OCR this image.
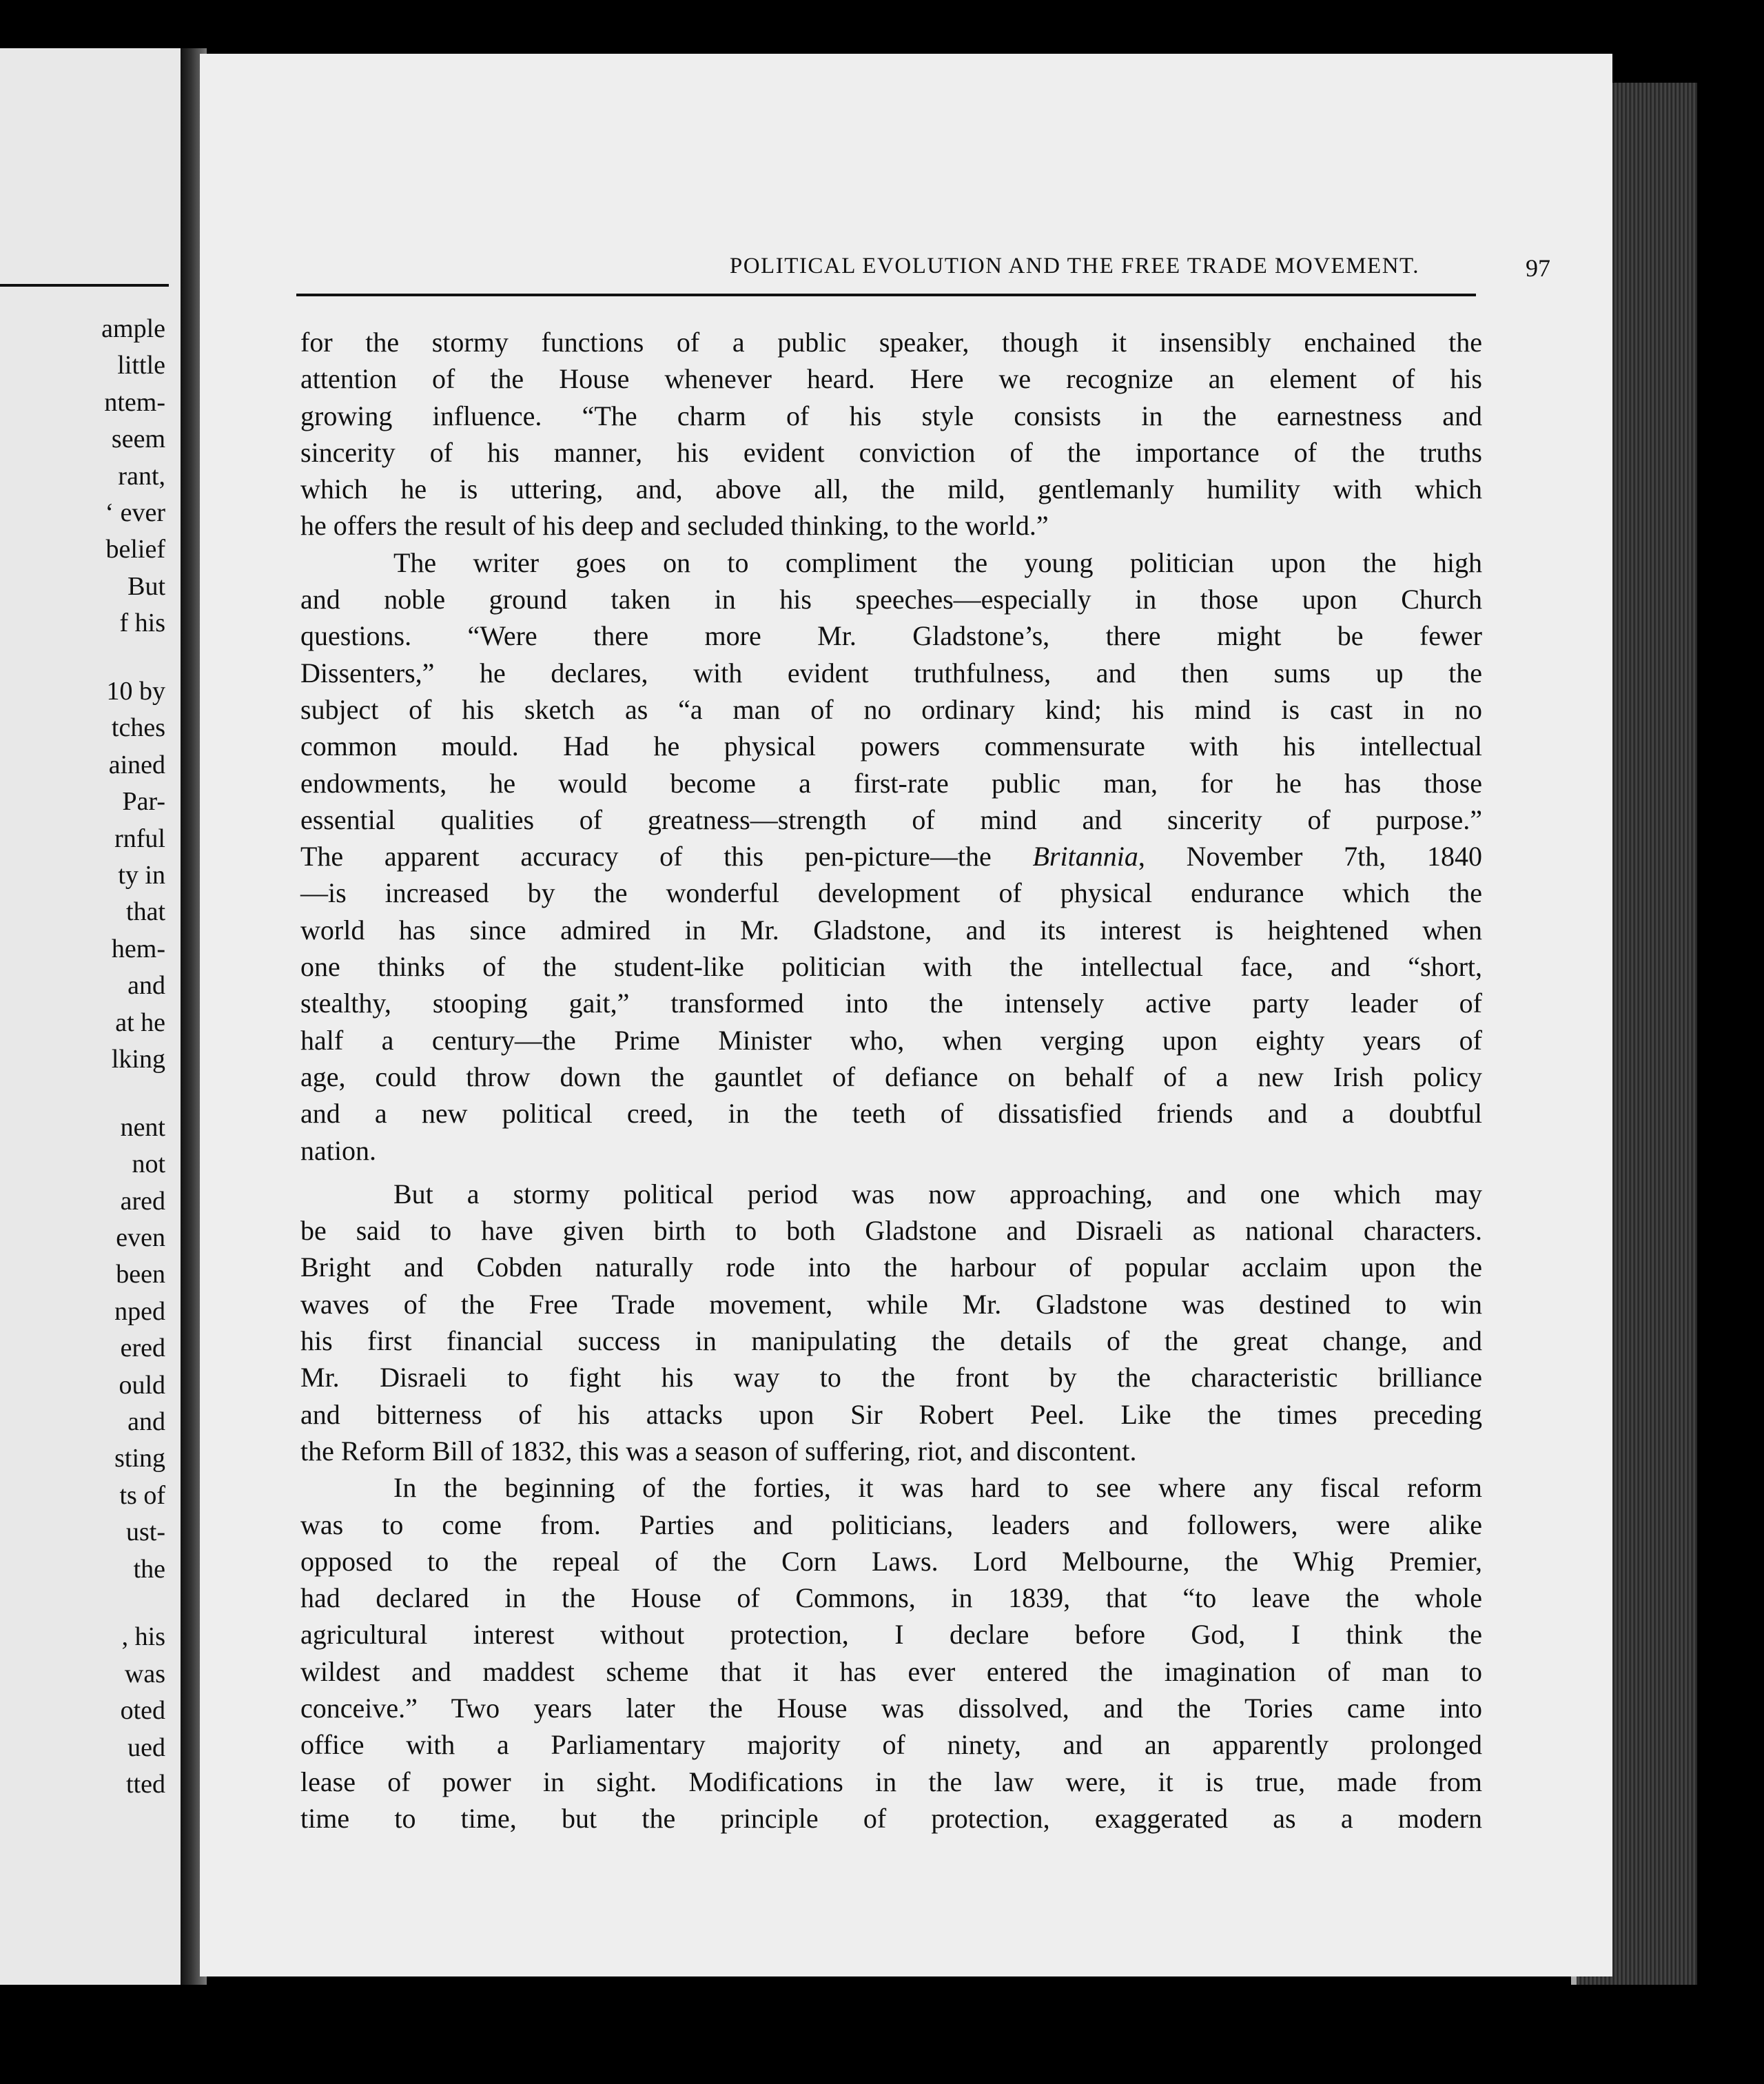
ample
little
ntem-
seem
rant,
‘ ever
belief
But
f his
10 by
tches
ained
Par-
rnful
ty in
that
hem-
and
at he
lking
nent
not
ared
even
been
nped
ered
ould
and
sting
ts of
ust-
the
, his
was
oted
ued
tted
POLITICAL EVOLUTION AND THE FREE TRADE MOVEMENT.	97
for the stormy functions of a public speaker, though it insensibly enchained the
attention of the House whenever heard. Here we recognize an element of his
growing influence. “The charm of his style consists in the earnestness and
sincerity of his manner, his evident conviction of the importance of the truths
which he is uttering, and, above all, the mild, gentlemanly humility with which
he offers the result of his deep and secluded thinking, to the world.”
The writer goes on to compliment the young politician upon the high
and noble ground taken in his speeches—especially in those upon Church
questions. “Were there more Mr. Gladstone’s, there might be fewer
Dissenters,” he declares, with evident truthfulness, and then sums up the
subject of his sketch as “a man of no ordinary kind; his mind is cast in no
common mould. Had he physical powers commensurate with his intellectual
endowments, he would become a first-rate public man, for he has those
essential qualities of greatness—strength of mind and sincerity of purpose.”
The apparent accuracy of this pen-picture—the Britannia, November 7th, 1840
—is increased by the wonderful development of physical endurance which the
world has since admired in Mr. Gladstone, and its interest is heightened when
one thinks of the student-like politician with the intellectual face, and “short,
stealthy, stooping gait,” transformed into the intensely active party leader of
half a century—the Prime Minister who, when verging upon eighty years of
age, could throw down the gauntlet of defiance on behalf of a new Irish policy
and a new political creed, in the teeth of dissatisfied friends and a doubtful
nation.
But a stormy political period was now approaching, and one which may
be said to have given birth to both Gladstone and Disraeli as national characters.
Bright and Cobden naturally rode into the harbour of popular acclaim upon the
waves of the Free Trade movement, while Mr. Gladstone was destined to win
his first financial success in manipulating the details of the great change, and
Mr. Disraeli to fight his way to the front by the characteristic brilliance
and bitterness of his attacks upon Sir Robert Peel. Like the times preceding
the Reform Bill of 1832, this was a season of suffering, riot, and discontent.
In the beginning of the forties, it was hard to see where any fiscal reform
was to come from. Parties and politicians, leaders and followers, were alike
opposed to the repeal of the Corn Laws. Lord Melbourne, the Whig Premier,
had declared in the House of Commons, in 1839, that “to leave the whole
agricultural interest without protection, I declare before God, I think the
wildest and maddest scheme that it has ever entered the imagination of man to
conceive.” Two years later the House was dissolved, and the Tories came into
office with a Parliamentary majority of ninety, and an apparently prolonged
lease of power in sight. Modifications in the law were, it is true, made from
time to time, but the principle of protection, exaggerated as a modern
